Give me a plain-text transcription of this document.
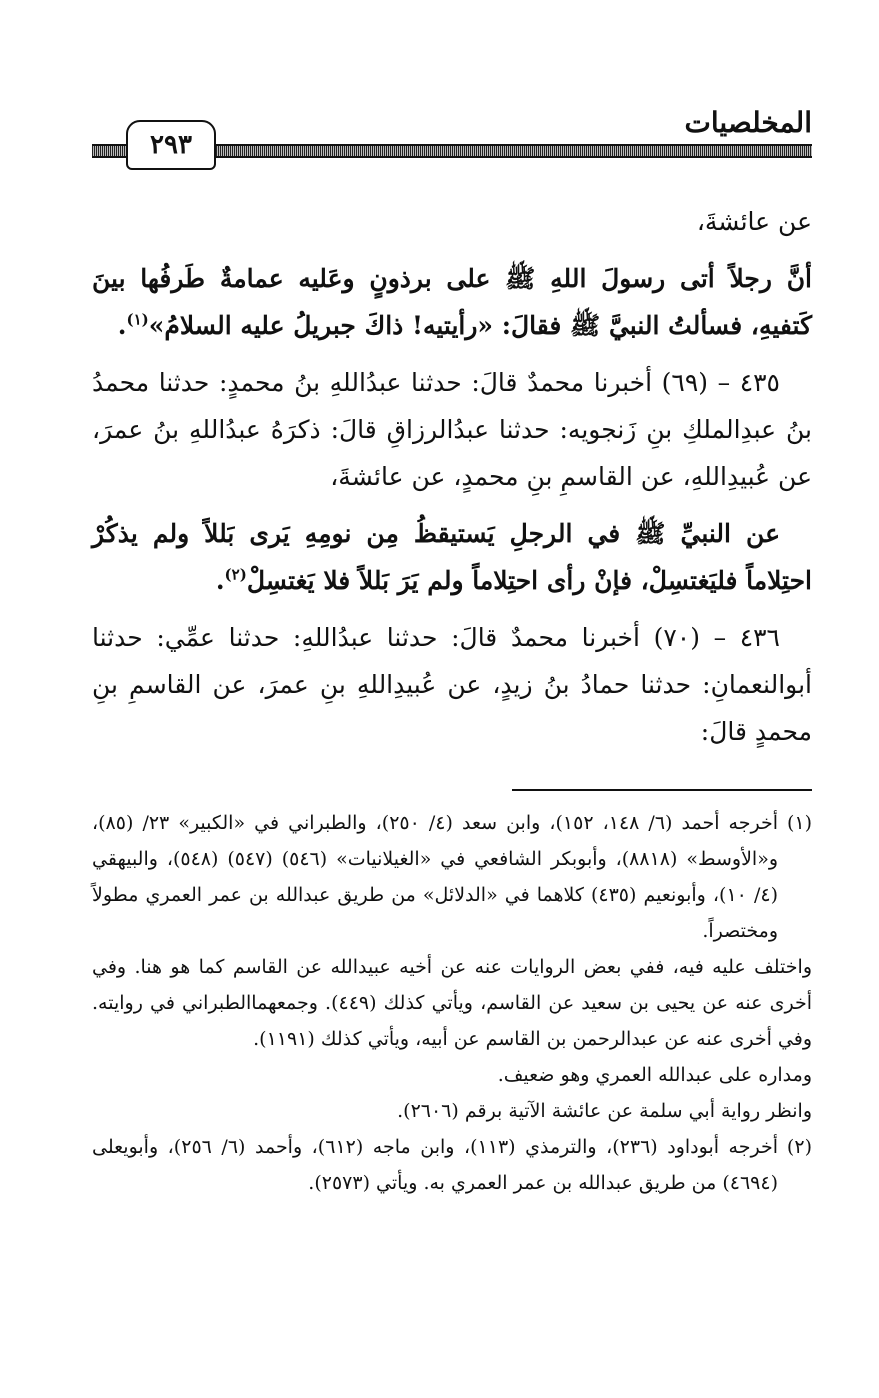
المخلصيات
٢٩٣

عن عائشةَ،

أنَّ رجلاً أتى رسولَ اللهِ ﷺ على برذونٍ وعَليه عمامةٌ طَرفُها بينَ كَتفيهِ، فسألتُ النبيَّ ﷺ فقالَ: «رأيتيه! ذاكَ جبريلُ عليه السلامُ»$^{(١)}$.

٤٣٥ – (٦٩) أخبرنا محمدٌ قالَ: حدثنا عبدُاللهِ بنُ محمدٍ: حدثنا محمدُ بنُ عبدِالملكِ بنِ زَنجويه: حدثنا عبدُالرزاقِ قالَ: ذكرَهُ عبدُاللهِ بنُ عمرَ، عن عُبيدِاللهِ، عن القاسمِ بنِ محمدٍ، عن عائشةَ،

عن النبيِّ ﷺ في الرجلِ يَستيقظُ مِن نومِهِ يَرى بَللاً ولم يذكُرْ احتِلاماً فليَغتسِلْ، فإنْ رأى احتِلاماً ولم يَرَ بَللاً فلا يَغتسِلْ$^{(٢)}$.

٤٣٦ – (٧٠) أخبرنا محمدٌ قالَ: حدثنا عبدُاللهِ: حدثنا عمِّي: حدثنا أبوالنعمانِ: حدثنا حمادُ بنُ زيدٍ، عن عُبيدِاللهِ بنِ عمرَ، عن القاسمِ بنِ محمدٍ قالَ:

(١)أخرجه أحمد (٦/ ١٤٨، ١٥٢)، وابن سعد (٤/ ٢٥٠)، والطبراني في «الكبير» ٢٣/ (٨٥)، و«الأوسط» (٨٨١٨)، وأبوبكر الشافعي في «الغيلانيات» (٥٤٦) (٥٤٧) (٥٤٨)، والبيهقي (٤/ ١٠)، وأبونعيم (٤٣٥) كلاهما في «الدلائل» من طريق عبدالله بن عمر العمري مطولاً ومختصراً.

واختلف عليه فيه، ففي بعض الروايات عنه عن أخيه عبيدالله عن القاسم كما هو هنا. وفي أخرى عنه عن يحيى بن سعيد عن القاسم، ويأتي كذلك (٤٤٩). وجمعهماالطبراني في روايته. وفي أخرى عنه عن عبدالرحمن بن القاسم عن أبيه، ويأتي كذلك (١١٩١).

ومداره على عبدالله العمري وهو ضعيف.

وانظر رواية أبي سلمة عن عائشة الآتية برقم (٢٦٠٦).

(٢)أخرجه أبوداود (٢٣٦)، والترمذي (١١٣)، وابن ماجه (٦١٢)، وأحمد (٦/ ٢٥٦)، وأبويعلى (٤٦٩٤) من طريق عبدالله بن عمر العمري به. ويأتي (٢٥٧٣).
